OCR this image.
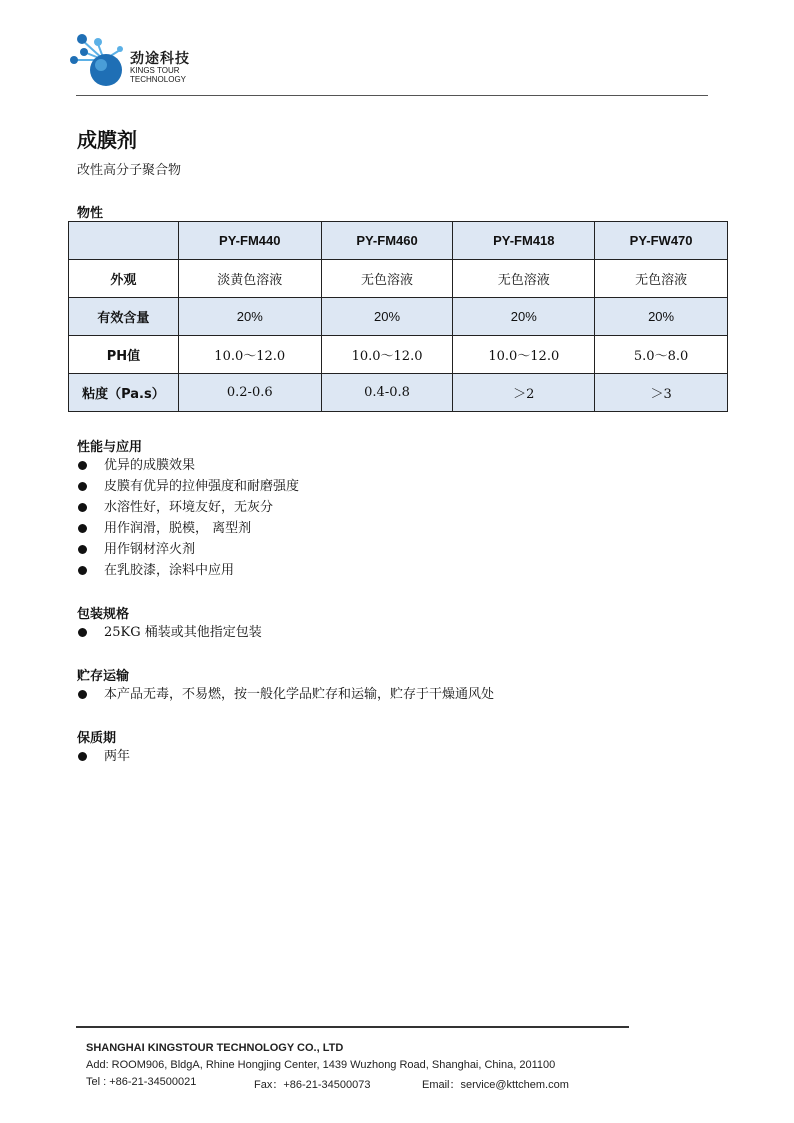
劲途科技
KINGS TOUR
TECHNOLOGY
成膜剂
改性高分子聚合物
物性
	PY-FM440	PY-FM460	PY-FM418	PY-FW470
外观	淡黄色溶液	无色溶液	无色溶液	无色溶液
有效含量	20%	20%	20%	20%
PH值	10.0～12.0	10.0～12.0	10.0～12.0	5.0～8.0
粘度（Pa.s）	0.2-0.6	0.4-0.8	＞2	＞3
性能与应用
优异的成膜效果
皮膜有优异的拉伸强度和耐磨强度
水溶性好，环境友好，无灰分
用作润滑，脱模， 离型剂
用作钢材淬火剂
在乳胶漆，涂料中应用
包装规格
25KG 桶装或其他指定包装
贮存运输
本产品无毒，不易燃，按一般化学品贮存和运输，贮存于干燥通风处
保质期
两年
SHANGHAI KINGSTOUR TECHNOLOGY CO., LTD
Add: ROOM906, BldgA, Rhine Hongjing Center, 1439 Wuzhong Road, Shanghai, China, 201100
Tel : +86-21-34500021	Fax：+86-21-34500073	Email：service@kttchem.com
